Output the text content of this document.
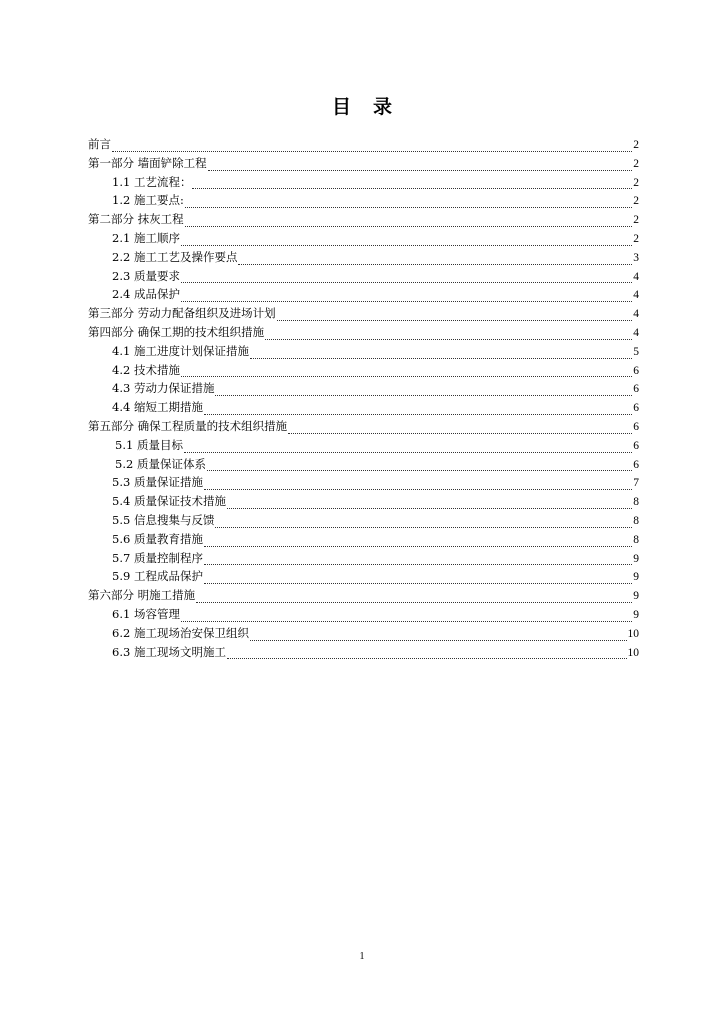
目录
前言	2
第一部分 墙面铲除工程	2
1.1 工艺流程：	2
1.2 施工要点:	2
第二部分 抹灰工程	2
2.1 施工顺序	2
2.2 施工工艺及操作要点	3
2.3 质量要求	4
2.4 成品保护	4
第三部分 劳动力配备组织及进场计划	4
第四部分 确保工期的技术组织措施	4
4.1 施工进度计划保证措施	5
4.2 技术措施	6
4.3 劳动力保证措施	6
4.4 缩短工期措施	6
第五部分 确保工程质量的技术组织措施	6
5.1 质量目标	6
5.2 质量保证体系	6
5.3 质量保证措施	7
5.4 质量保证技术措施	8
5.5 信息搜集与反馈	8
5.6 质量教育措施	8
5.7 质量控制程序	9
5.9 工程成品保护	9
第六部分 明施工措施	9
6.1 场容管理	9
6.2 施工现场治安保卫组织	10
6.3 施工现场文明施工	10
1
